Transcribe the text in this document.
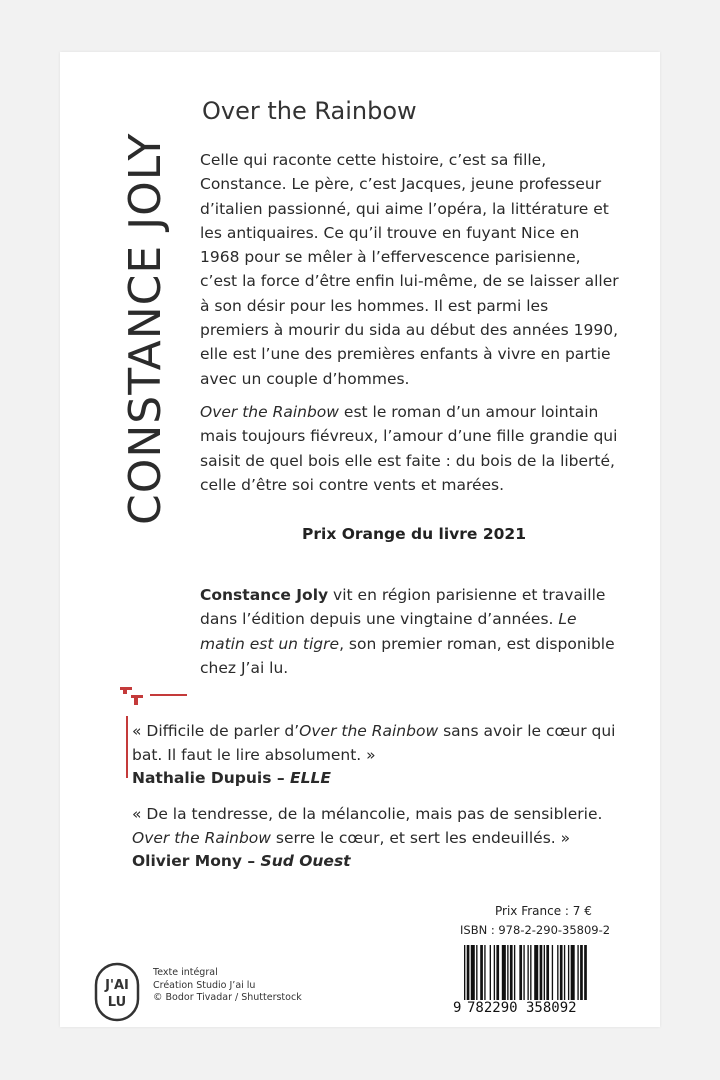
CONSTANCE JOLY
Over the Rainbow

Celle qui raconte cette histoire, c’est sa fille, Constance. Le père, c’est Jacques, jeune professeur d’italien passionné, qui aime l’opéra, la littérature et les antiquaires. Ce qu’il trouve en fuyant Nice en 1968 pour se mêler à l’effervescence parisienne, c’est la force d’être enfin lui-même, de se laisser aller à son désir pour les hommes. Il est parmi les premiers à mourir du sida au début des années 1990, elle est l’une des premières enfants à vivre en partie avec un couple d’hommes.

Over the Rainbow est le roman d’un amour lointain mais toujours fiévreux, l’amour d’une fille grandie qui saisit de quel bois elle est faite : du bois de la liberté, celle d’être soi contre vents et marées.

Prix Orange du livre 2021
Constance Joly vit en région parisienne et travaille dans l’édition depuis une vingtaine d’années. Le matin est un tigre, son premier roman, est disponible chez J’ai lu.
« Difficile de parler d’Over the Rainbow sans avoir le cœur qui bat. Il faut le lire absolument. »
Nathalie Dupuis – ELLE
« De la tendresse, de la mélancolie, mais pas de sensiblerie. Over the Rainbow serre le cœur, et sert les endeuillés. »
Olivier Mony – Sud Ouest
Prix France : 7 €
ISBN : 978-2-290-35809-2
9 782290 358092
J'AI
LU
Texte intégral
Création Studio J’ai lu
© Bodor Tivadar / Shutterstock
